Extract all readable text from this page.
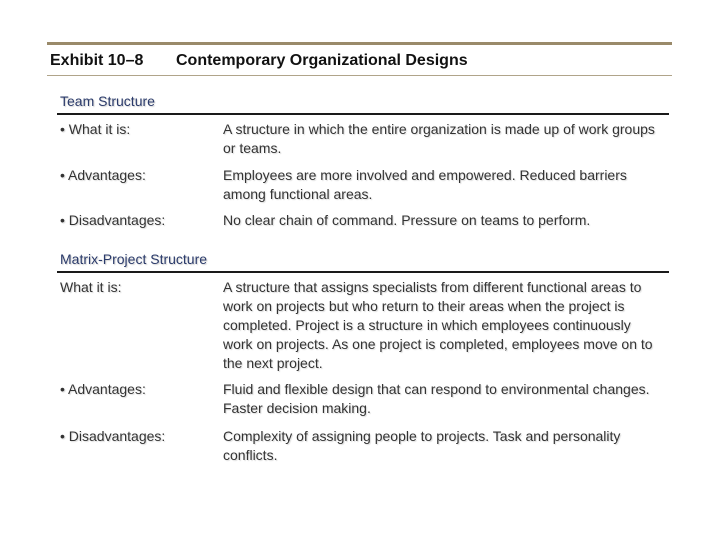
Exhibit 10–8 Contemporary Organizational Designs
Team Structure
• What it is:	A structure in which the entire organization is made up of work groups or teams.
• Advantages:	Employees are more involved and empowered. Reduced barriers among functional areas.
• Disadvantages:	No clear chain of command. Pressure on teams to perform.
Matrix-Project Structure
What it is:	A structure that assigns specialists from different functional areas to work on projects but who return to their areas when the project is completed. Project is a structure in which employees continuously work on projects. As one project is completed, employees move on to the next project.
• Advantages:	Fluid and flexible design that can respond to environmental changes. Faster decision making.
• Disadvantages:	Complexity of assigning people to projects. Task and personality conflicts.
